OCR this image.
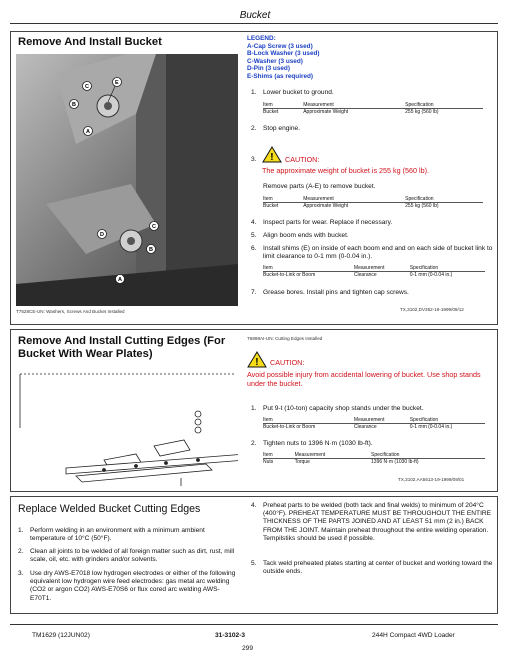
Bucket
Remove And Install Bucket
E
C
B
A
D
C
B
A
T7528CE-UN: Washers, Screws And Bucket Installed
LEGEND:
A-Cap Screw (3 used)
B-Lock Washer (3 used)
C-Washer (3 used)
D-Pin (3 used)
E-Shims (as required)
1. Lower bucket to ground.
Item	Measurement	Specification
Bucket	Approximate Weight	255 kg (560 lb)
2. Stop engine.
3. ! CAUTION:
The approximate weight of bucket is 255 kg (560 lb).
Remove parts (A-E) to remove bucket.
Item	Measurement	Specification
Bucket	Approximate Weight	255 kg (560 lb)
4. Inspect parts for wear. Replace if necessary.
5. Align boom ends with bucket.
6. Install shims (E) on inside of each boom end and on each side of bucket link to limit clearance to 0-1 mm (0-0.04 in.).
Item	Measurement	Specification
Bucket-to-Link or Boom	Clearance	0-1 mm (0-0.04 in.)
7. Grease bores. Install pins and tighten cap screws.
TX,3102,DV352-19-1999/09/12
Remove And Install Cutting Edges (For Bucket With Wear Plates)
T6898AI-UN: Cutting Edges Installed
! CAUTION:
Avoid possible injury from accidental lowering of bucket. Use shop stands under the bucket.
1. Put 9-t (10-ton) capacity shop stands under the bucket.
Item	Measurement	Specification
Bucket-to-Link or Boom	Clearance	0-1 mm (0-0.04 in.)
2. Tighten nuts to 1396 N·m (1030 lb-ft).
Item	Measurement	Specification
Nuts	Torque	1396 N·m (1030 lb-ft)
TX,3102,AA5613-19-1999/09/01
Replace Welded Bucket Cutting Edges
1. Perform welding in an environment with a minimum ambient temperature of 10°C (50°F).
2. Clean all joints to be welded of all foreign matter such as dirt, rust, mill scale, oil, etc. with grinders and/or solvents.
3. Use dry AWS-E7018 low hydrogen electrodes or either of the following equivalent low hydrogen wire feed electrodes: gas metal arc welding (CO2 or argon CO2) AWS-E70S6 or flux cored arc welding AWS-E70T1.
4. Preheat parts to be welded (both tack and final welds) to minimum of 204°C (400°F). PREHEAT TEMPERATURE MUST BE THROUGHOUT THE ENTIRE THICKNESS OF THE PARTS JOINED AND AT LEAST 51 mm (2 in.) BACK FROM THE JOINT. Maintain preheat throughout the entire welding operation. Tempilstiks should be used if possible.
5. Tack weld preheated plates starting at center of bucket and working toward the outside ends.
TM1629 (12JUN02)	31-3102-3	244H Compact 4WD Loader
299
